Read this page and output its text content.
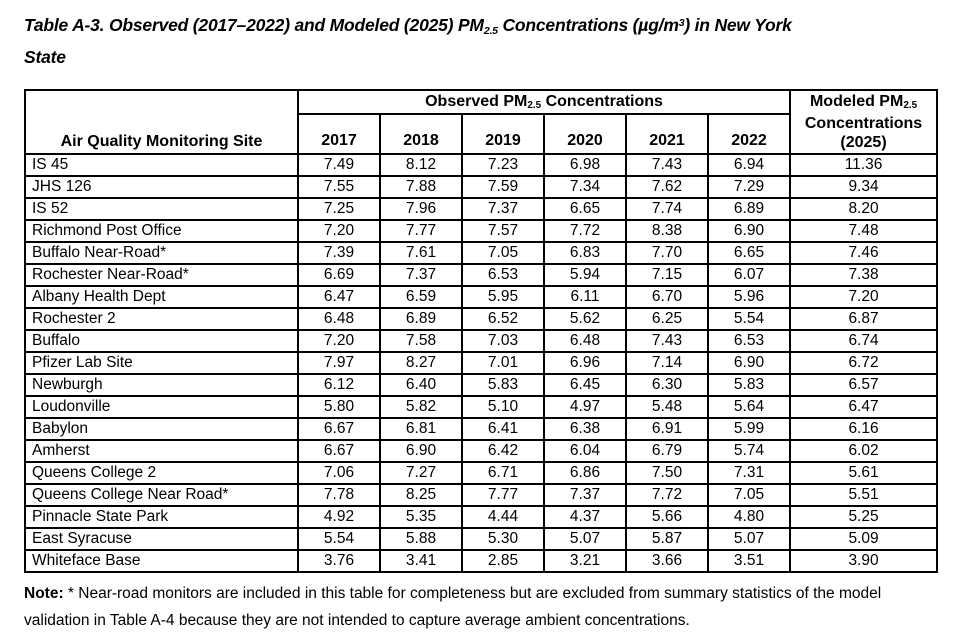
Table A-3. Observed (2017–2022) and Modeled (2025) $PM_{2.5}$ Concentrations $(\mu g/m^3)$ in New York
State
Air Quality Monitoring Site	Observed $PM_{2.5}$ Concentrations						Modeled $PM_{2.5}$ Concentrations (2025)
	2017	2018	2019	2020	2021	2022	
IS 45	7.49	8.12	7.23	6.98	7.43	6.94	11.36
JHS 126	7.55	7.88	7.59	7.34	7.62	7.29	9.34
IS 52	7.25	7.96	7.37	6.65	7.74	6.89	8.20
Richmond Post Office	7.20	7.77	7.57	7.72	8.38	6.90	7.48
Buffalo Near-Road*	7.39	7.61	7.05	6.83	7.70	6.65	7.46
Rochester Near-Road*	6.69	7.37	6.53	5.94	7.15	6.07	7.38
Albany Health Dept	6.47	6.59	5.95	6.11	6.70	5.96	7.20
Rochester 2	6.48	6.89	6.52	5.62	6.25	5.54	6.87
Buffalo	7.20	7.58	7.03	6.48	7.43	6.53	6.74
Pfizer Lab Site	7.97	8.27	7.01	6.96	7.14	6.90	6.72
Newburgh	6.12	6.40	5.83	6.45	6.30	5.83	6.57
Loudonville	5.80	5.82	5.10	4.97	5.48	5.64	6.47
Babylon	6.67	6.81	6.41	6.38	6.91	5.99	6.16
Amherst	6.67	6.90	6.42	6.04	6.79	5.74	6.02
Queens College 2	7.06	7.27	6.71	6.86	7.50	7.31	5.61
Queens College Near Road*	7.78	8.25	7.77	7.37	7.72	7.05	5.51
Pinnacle State Park	4.92	5.35	4.44	4.37	5.66	4.80	5.25
East Syracuse	5.54	5.88	5.30	5.07	5.87	5.07	5.09
Whiteface Base	3.76	3.41	2.85	3.21	3.66	3.51	3.90

Note: * Near-road monitors are included in this table for completeness but are excluded from summary statistics of the model validation in Table A-4 because they are not intended to capture average ambient concentrations.
